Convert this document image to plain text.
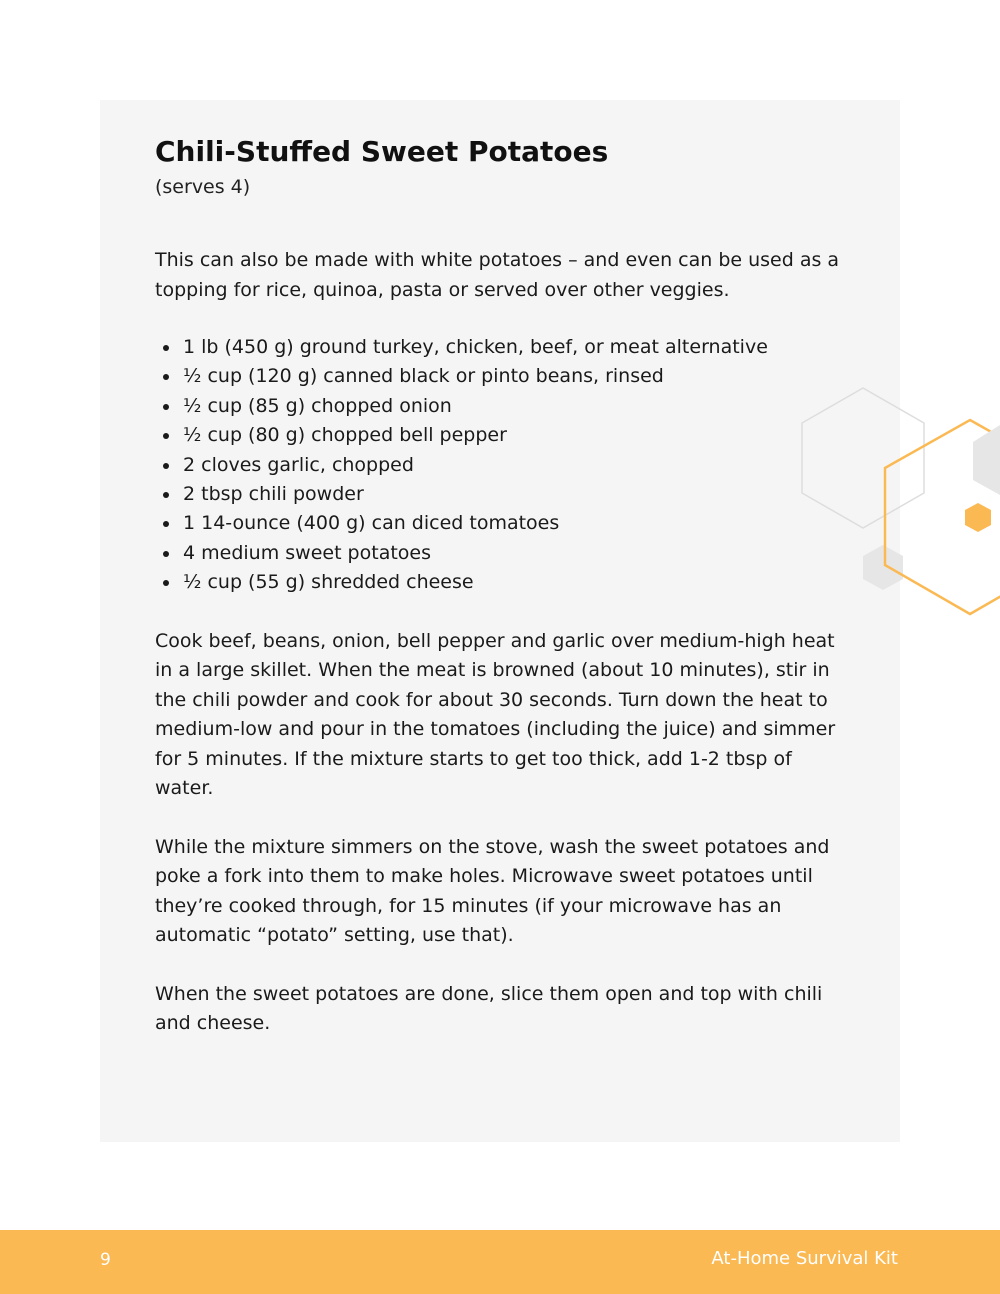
Chili-Stuffed Sweet Potatoes

(serves 4)

This can also be made with white potatoes – and even can be used as a topping for rice, quinoa, pasta or served over other veggies.

1 lb (450 g) ground turkey, chicken, beef, or meat alternative
½ cup (120 g) canned black or pinto beans, rinsed
½ cup (85 g) chopped onion
½ cup (80 g) chopped bell pepper
2 cloves garlic, chopped
2 tbsp chili powder
1 14-ounce (400 g) can diced tomatoes
4 medium sweet potatoes
½ cup (55 g) shredded cheese

Cook beef, beans, onion, bell pepper and garlic over medium-high heat in a large skillet. When the meat is browned (about 10 minutes), stir in the chili powder and cook for about 30 seconds. Turn down the heat to medium-low and pour in the tomatoes (including the juice) and simmer for 5 minutes. If the mixture starts to get too thick, add 1-2 tbsp of water.

While the mixture simmers on the stove, wash the sweet potatoes and poke a fork into them to make holes. Microwave sweet potatoes until they’re cooked through, for 15 minutes (if your microwave has an automatic “potato” setting, use that).

When the sweet potatoes are done, slice them open and top with chili and cheese.

9	At-Home Survival Kit
